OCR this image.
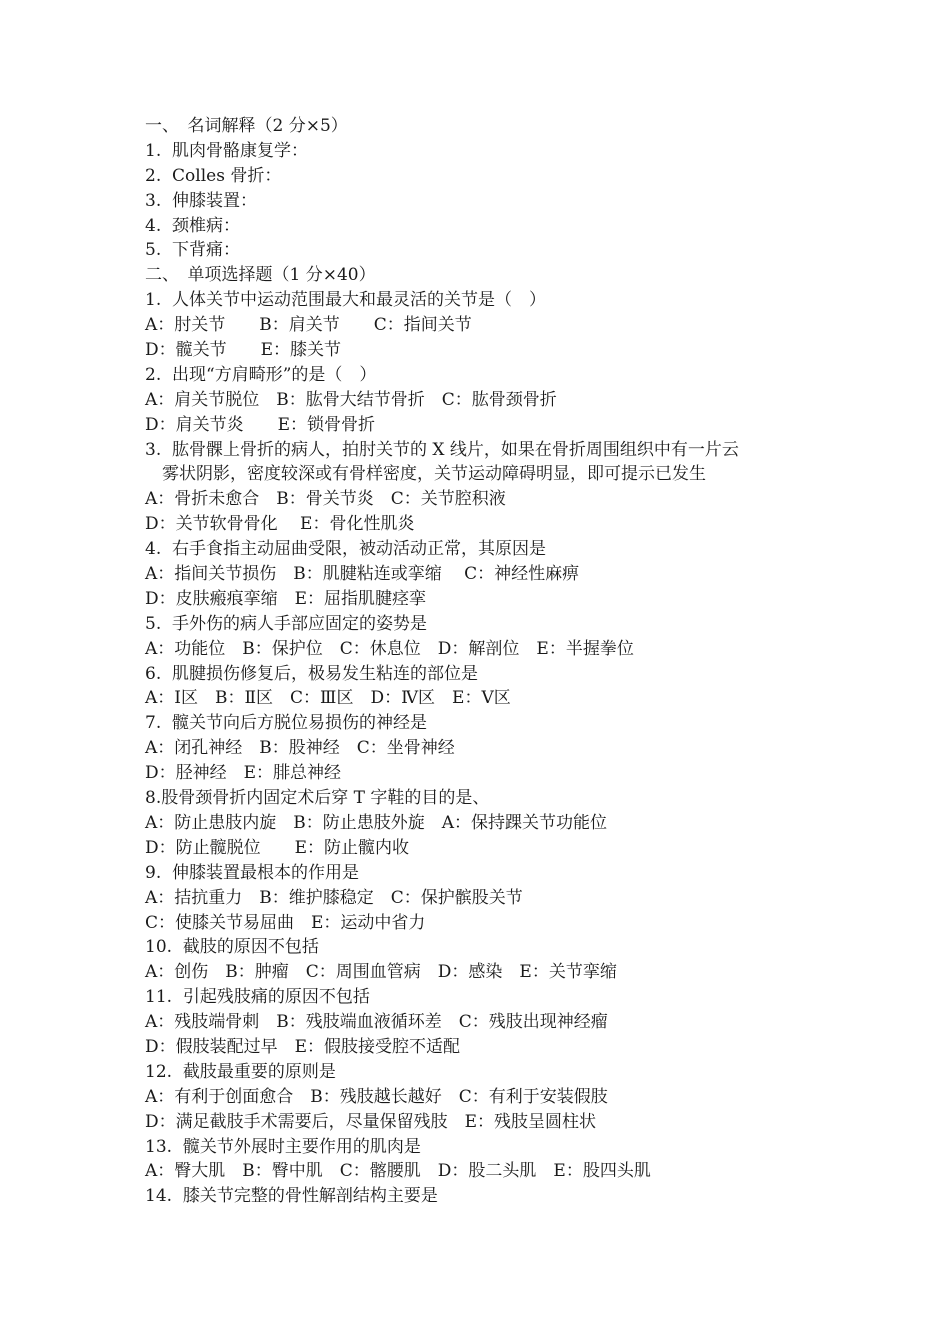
一、　名词解释（2 分×5）
1.  肌肉骨骼康复学：
2.  Colles 骨折：
3.  伸膝装置：
4.  颈椎病：
5.  下背痛：
二、　单项选择题（1 分×40）
1.  人体关节中运动范围最大和最灵活的关节是（　）
A：肘关节　　B：肩关节　　C：指间关节
D：髋关节　　E：膝关节
2.  出现“方肩畸形”的是（　）
A：肩关节脱位　B：肱骨大结节骨折　C：肱骨颈骨折
D：肩关节炎　　E：锁骨骨折
3.  肱骨髁上骨折的病人，拍肘关节的 X 线片，如果在骨折周围组织中有一片云
雾状阴影，密度较深或有骨样密度，关节运动障碍明显，即可提示已发生
A：骨折未愈合　B：骨关节炎　C：关节腔积液
D：关节软骨骨化　 E：骨化性肌炎
4.  右手食指主动屈曲受限，被动活动正常，其原因是
A：指间关节损伤　B：肌腱粘连或挛缩　 C：神经性麻痹
D：皮肤瘢痕挛缩　E：屈指肌腱痉挛
5.  手外伤的病人手部应固定的姿势是
A：功能位　B：保护位　C：休息位　D：解剖位　E：半握拳位
6.  肌腱损伤修复后，极易发生粘连的部位是
A：Ⅰ区　B：Ⅱ区　C：Ⅲ区　D：Ⅳ区　E：Ⅴ区
7.  髋关节向后方脱位易损伤的神经是
A：闭孔神经　B：股神经　C：坐骨神经
D：胫神经　E：腓总神经
8.股骨颈骨折内固定术后穿 T 字鞋的目的是、
A：防止患肢内旋　B：防止患肢外旋　A：保持踝关节功能位
D：防止髋脱位　　E：防止髋内收
9.  伸膝装置最根本的作用是
A：拮抗重力　B：维护膝稳定　C：保护髌股关节
C：使膝关节易屈曲　E：运动中省力
10.  截肢的原因不包括
A：创伤　B：肿瘤　C：周围血管病　D：感染　E：关节挛缩
11.  引起残肢痛的原因不包括
A：残肢端骨刺　B：残肢端血液循环差　C：残肢出现神经瘤
D：假肢装配过早　E：假肢接受腔不适配
12.  截肢最重要的原则是
A：有利于创面愈合　B：残肢越长越好　C：有利于安装假肢
D：满足截肢手术需要后，尽量保留残肢　E：残肢呈圆柱状
13.  髋关节外展时主要作用的肌肉是
A：臀大肌　B：臀中肌　C：髂腰肌　D：股二头肌　E：股四头肌
14.  膝关节完整的骨性解剖结构主要是
